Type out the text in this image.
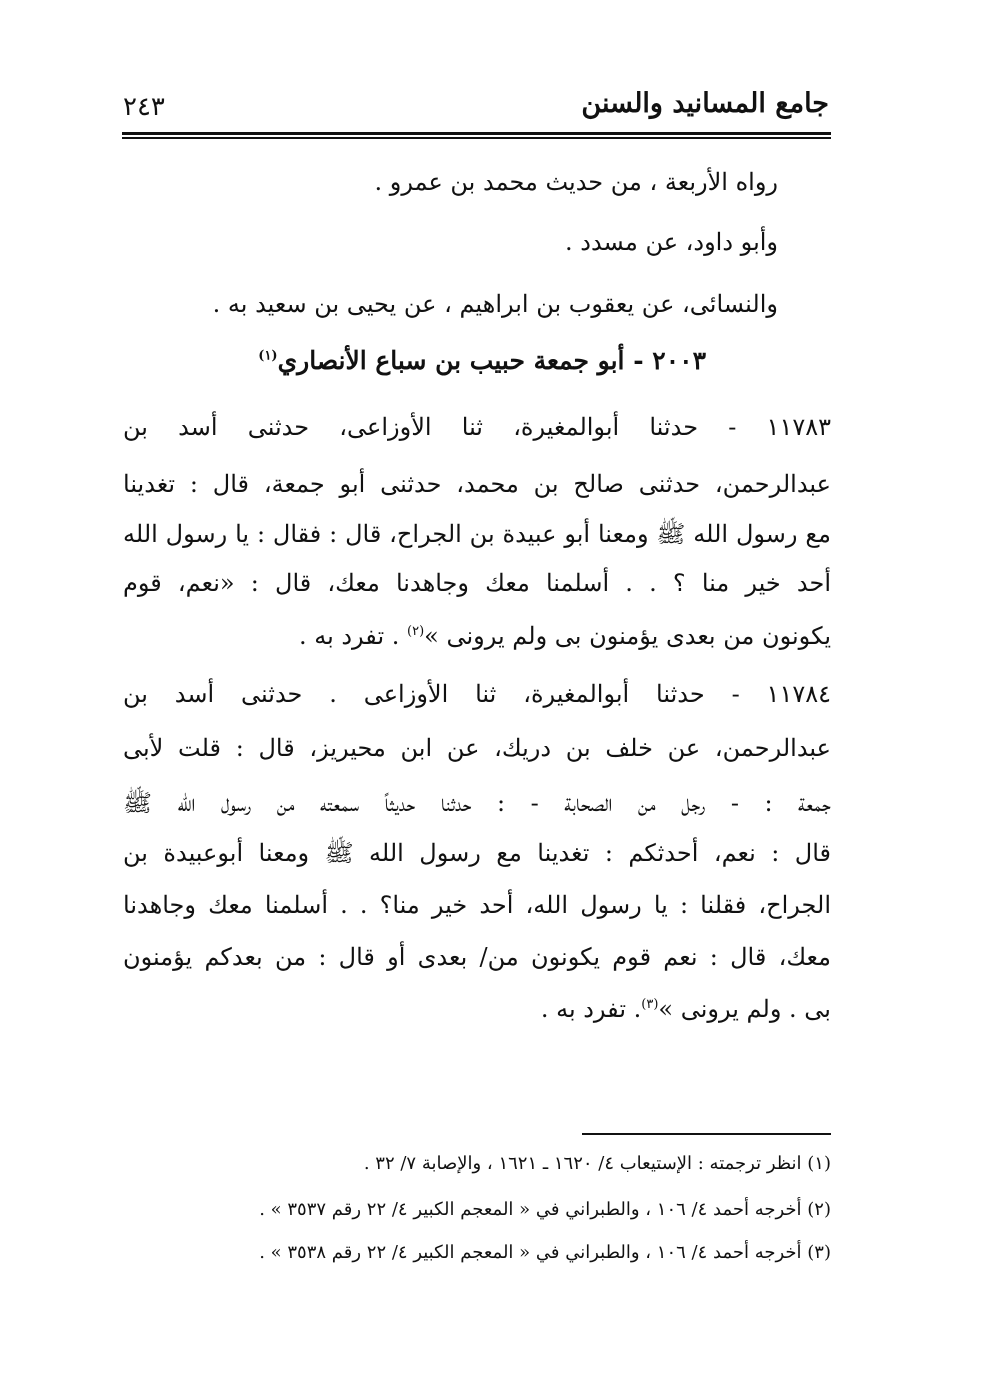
جامع المسانيد والسنن
٢٤٣
رواه الأربعة ، من حديث محمد بن عمرو .
وأبو داود، عن مسدد .
والنسائى، عن يعقوب بن ابراهيم ، عن يحيى بن سعيد به .
٢٠٠٣ - أبو جمعة حبيب بن سباع الأنصاري$^{(١)}$
١١٧٨٣ - حدثنا أبوالمغيرة، ثنا الأوزاعى، حدثنى أسد بن
عبدالرحمن، حدثنى صالح بن محمد، حدثنى أبو جمعة، قال : تغدينا
مع رسول الله ﷺ ومعنا أبو عبيدة بن الجراح، قال : فقال : يا رسول الله
أحد خير منا ؟ . . أسلمنا معك وجاهدنا معك، قال : «نعم، قوم
يكونون من بعدى يؤمنون بى ولم يرونى »$^{(٢)}$ . تفرد به .
١١٧٨٤ - حدثنا أبوالمغيرة، ثنا الأوزاعى . حدثنى أسد بن
عبدالرحمن، عن خلف بن دريك، عن ابن محيريز، قال : قلت لأبى
جمعة : - رجل من الصحابة - : حدثنا حديثاً سمعته من رسول الله ﷺ
قال : نعم، أحدثكم : تغدينا مع رسول الله ﷺ ومعنا أبوعبيدة بن
الجراح، فقلنا : يا رسول الله، أحد خير منا؟ . . أسلمنا معك وجاهدنا
معك، قال : نعم قوم يكونون من/ بعدى أو قال : من بعدكم يؤمنون
بى . ولم يرونى »$^{(٣)}$. تفرد به .
(١) انظر ترجمته : الإستيعاب ٤/ ١٦٢٠ ـ ١٦٢١ ، والإصابة ٧/ ٣٢ .
(٢) أخرجه أحمد ٤/ ١٠٦ ، والطبراني في « المعجم الكبير ٤/ ٢٢ رقم ٣٥٣٧ » .
(٣) أخرجه أحمد ٤/ ١٠٦ ، والطبراني في « المعجم الكبير ٤/ ٢٢ رقم ٣٥٣٨ » .
